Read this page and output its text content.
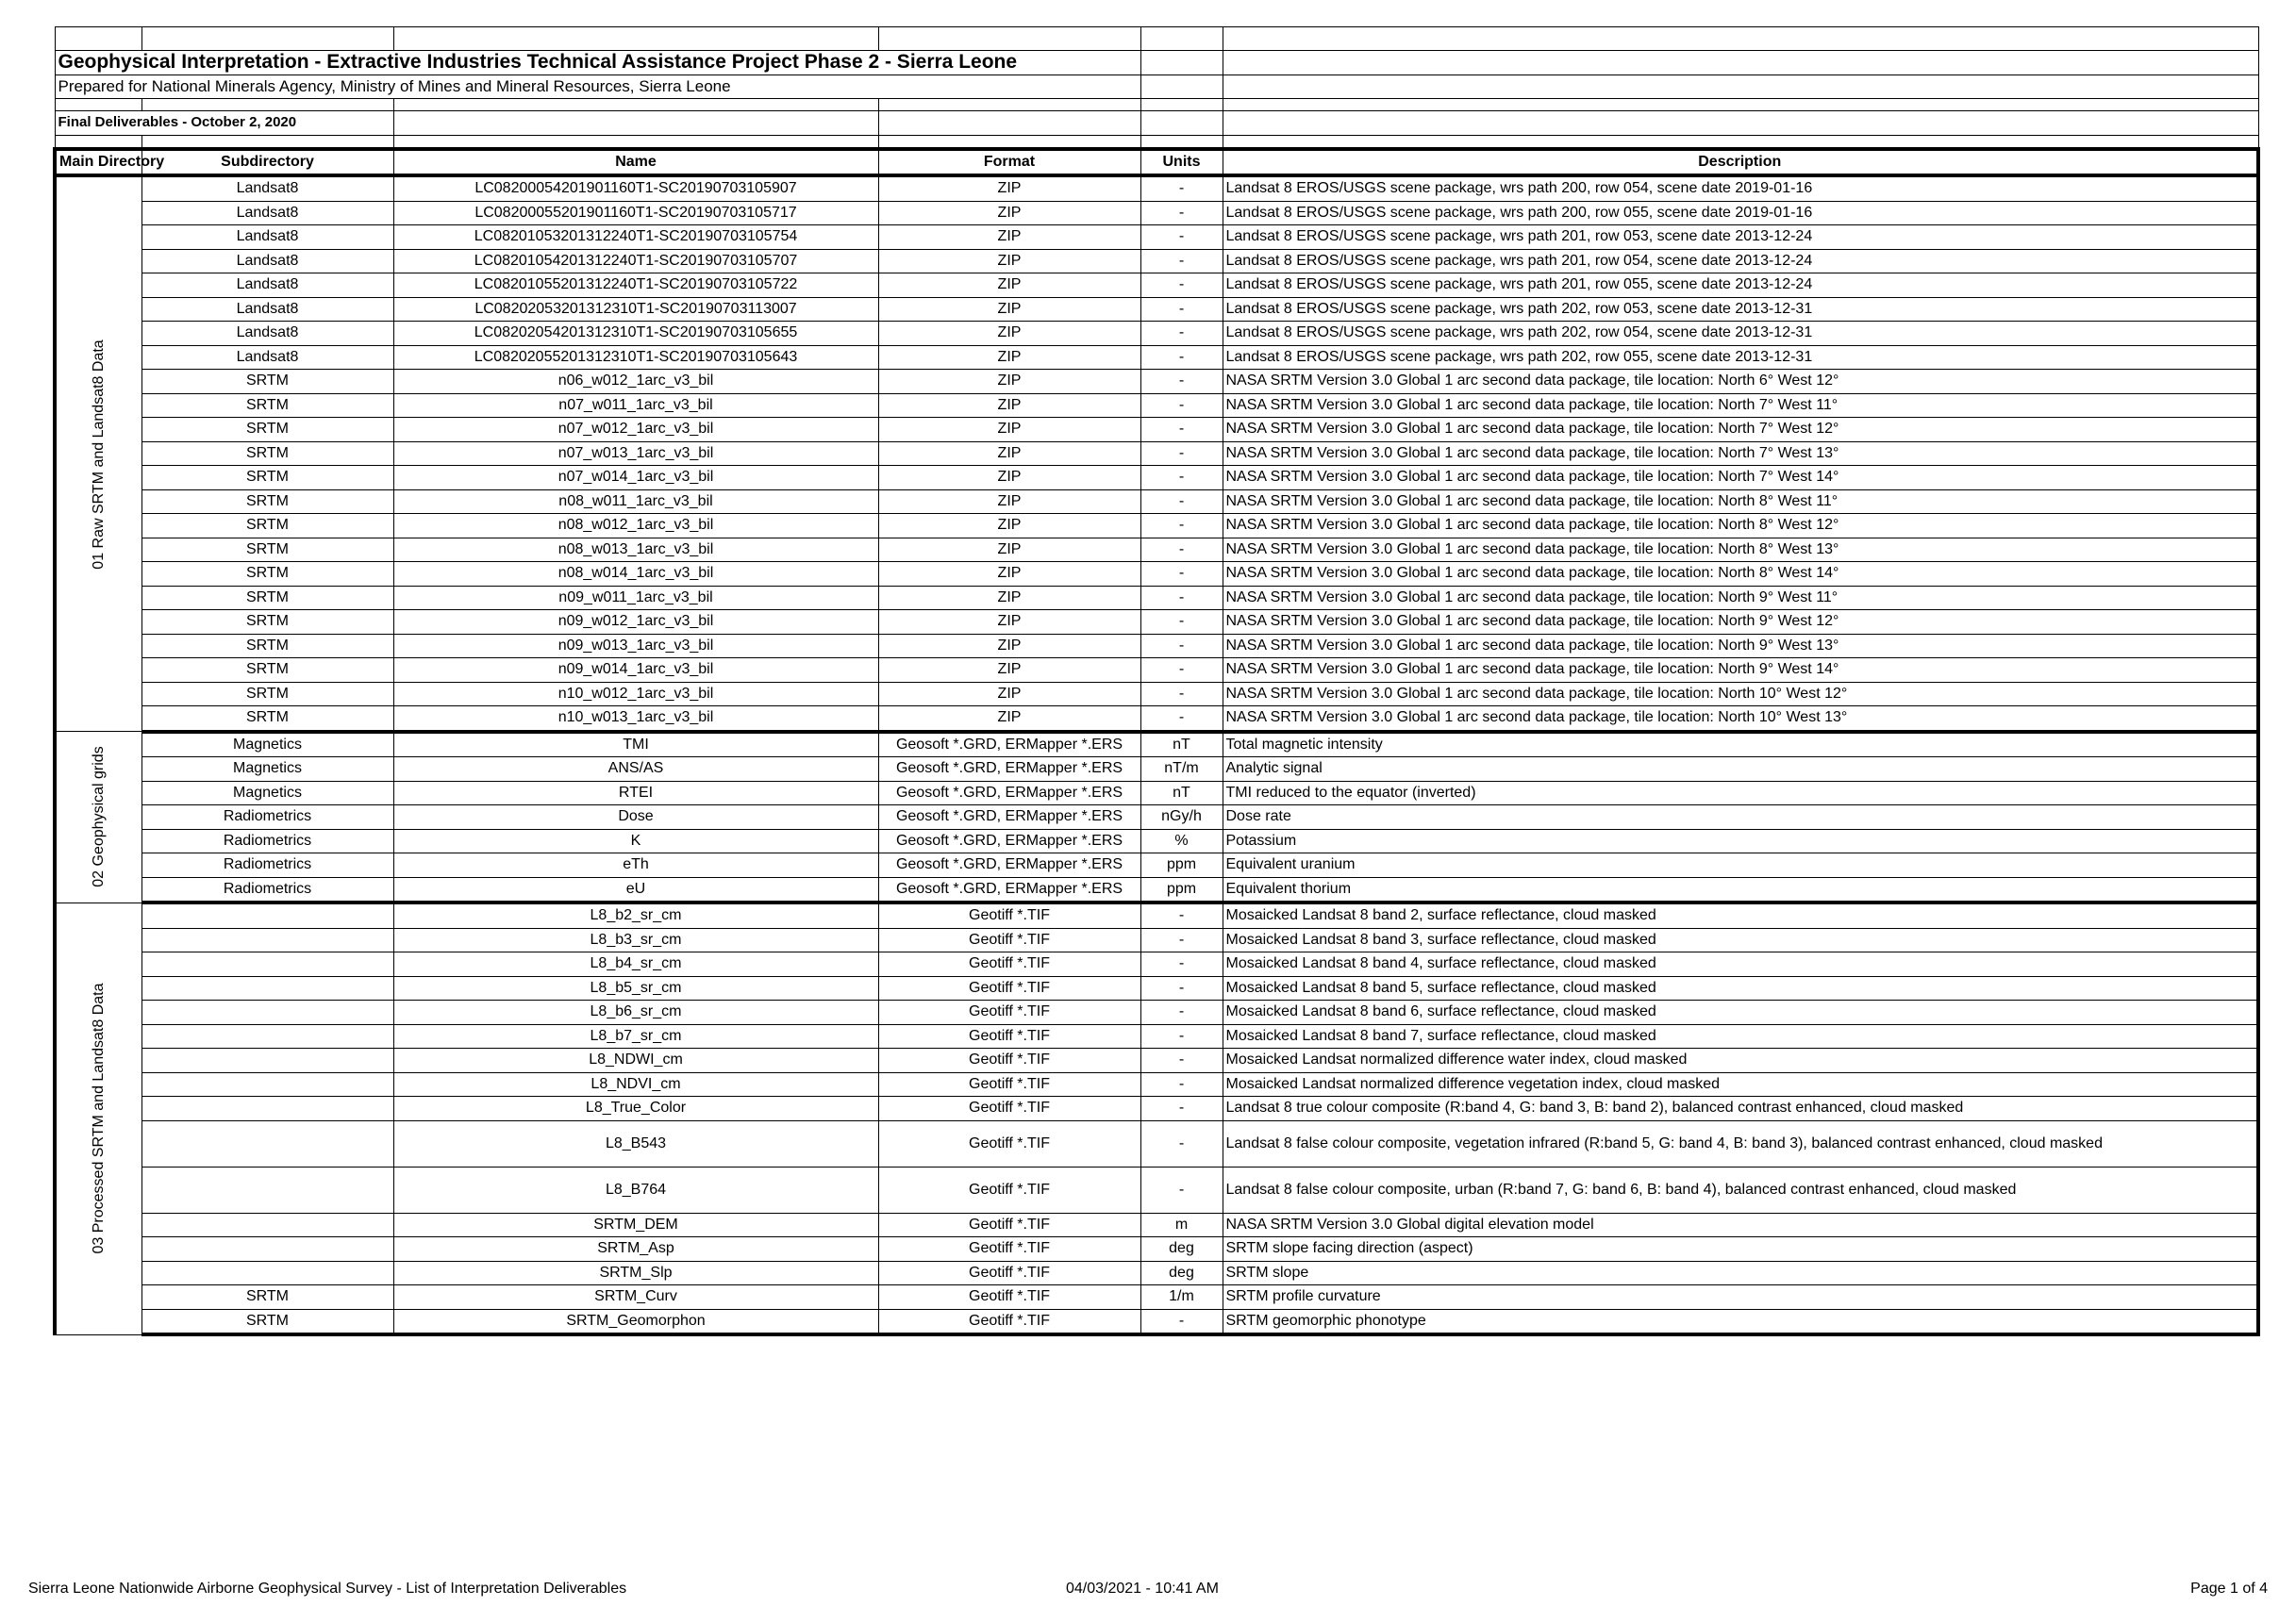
Geophysical Interpretation - Extractive Industries Technical Assistance Project Phase 2 - Sierra Leone					
Prepared for National Minerals Agency, Ministry of Mines and Mineral Resources, Sierra Leone					

Final Deliverables - October 2, 2020					

Main Directory	Subdirectory	Name	Format	Units	Description

01 Raw SRTM and Landsat8 Data	Landsat8	LC08200054201901160T1-SC20190703105907	ZIP	-	Landsat 8 EROS/USGS scene package, wrs path 200, row 054, scene date 2019-01-16
	Landsat8	LC08200055201901160T1-SC20190703105717	ZIP	-	Landsat 8 EROS/USGS scene package, wrs path 200, row 055, scene date 2019-01-16
	Landsat8	LC08201053201312240T1-SC20190703105754	ZIP	-	Landsat 8 EROS/USGS scene package, wrs path 201, row 053, scene date 2013-12-24
	Landsat8	LC08201054201312240T1-SC20190703105707	ZIP	-	Landsat 8 EROS/USGS scene package, wrs path 201, row 054, scene date 2013-12-24
	Landsat8	LC08201055201312240T1-SC20190703105722	ZIP	-	Landsat 8 EROS/USGS scene package, wrs path 201, row 055, scene date 2013-12-24
	Landsat8	LC08202053201312310T1-SC20190703113007	ZIP	-	Landsat 8 EROS/USGS scene package, wrs path 202, row 053, scene date 2013-12-31
	Landsat8	LC08202054201312310T1-SC20190703105655	ZIP	-	Landsat 8 EROS/USGS scene package, wrs path 202, row 054, scene date 2013-12-31
	Landsat8	LC08202055201312310T1-SC20190703105643	ZIP	-	Landsat 8 EROS/USGS scene package, wrs path 202, row 055, scene date 2013-12-31
	SRTM	n06_w012_1arc_v3_bil	ZIP	-	NASA SRTM Version 3.0 Global 1 arc second data package, tile location: North 6° West 12°
	SRTM	n07_w011_1arc_v3_bil	ZIP	-	NASA SRTM Version 3.0 Global 1 arc second data package, tile location: North 7° West 11°
	SRTM	n07_w012_1arc_v3_bil	ZIP	-	NASA SRTM Version 3.0 Global 1 arc second data package, tile location: North 7° West 12°
	SRTM	n07_w013_1arc_v3_bil	ZIP	-	NASA SRTM Version 3.0 Global 1 arc second data package, tile location: North 7° West 13°
	SRTM	n07_w014_1arc_v3_bil	ZIP	-	NASA SRTM Version 3.0 Global 1 arc second data package, tile location: North 7° West 14°
	SRTM	n08_w011_1arc_v3_bil	ZIP	-	NASA SRTM Version 3.0 Global 1 arc second data package, tile location: North 8° West 11°
	SRTM	n08_w012_1arc_v3_bil	ZIP	-	NASA SRTM Version 3.0 Global 1 arc second data package, tile location: North 8° West 12°
	SRTM	n08_w013_1arc_v3_bil	ZIP	-	NASA SRTM Version 3.0 Global 1 arc second data package, tile location: North 8° West 13°
	SRTM	n08_w014_1arc_v3_bil	ZIP	-	NASA SRTM Version 3.0 Global 1 arc second data package, tile location: North 8° West 14°
	SRTM	n09_w011_1arc_v3_bil	ZIP	-	NASA SRTM Version 3.0 Global 1 arc second data package, tile location: North 9° West 11°
	SRTM	n09_w012_1arc_v3_bil	ZIP	-	NASA SRTM Version 3.0 Global 1 arc second data package, tile location: North 9° West 12°
	SRTM	n09_w013_1arc_v3_bil	ZIP	-	NASA SRTM Version 3.0 Global 1 arc second data package, tile location: North 9° West 13°
	SRTM	n09_w014_1arc_v3_bil	ZIP	-	NASA SRTM Version 3.0 Global 1 arc second data package, tile location: North 9° West 14°
	SRTM	n10_w012_1arc_v3_bil	ZIP	-	NASA SRTM Version 3.0 Global 1 arc second data package, tile location: North 10° West 12°
	SRTM	n10_w013_1arc_v3_bil	ZIP	-	NASA SRTM Version 3.0 Global 1 arc second data package, tile location: North 10° West 13°

02 Geophysical grids	Magnetics	TMI	Geosoft *.GRD, ERMapper *.ERS	nT	Total magnetic intensity
	Magnetics	ANS/AS	Geosoft *.GRD, ERMapper *.ERS	nT/m	Analytic signal
	Magnetics	RTEI	Geosoft *.GRD, ERMapper *.ERS	nT	TMI reduced to the equator (inverted)
	Radiometrics	Dose	Geosoft *.GRD, ERMapper *.ERS	nGy/h	Dose rate
	Radiometrics	K	Geosoft *.GRD, ERMapper *.ERS	%	Potassium
	Radiometrics	eTh	Geosoft *.GRD, ERMapper *.ERS	ppm	Equivalent uranium
	Radiometrics	eU	Geosoft *.GRD, ERMapper *.ERS	ppm	Equivalent thorium

03 Processed SRTM and Landsat8 Data		L8_b2_sr_cm	Geotiff *.TIF	-	Mosaicked Landsat 8 band 2, surface reflectance, cloud masked
		L8_b3_sr_cm	Geotiff *.TIF	-	Mosaicked Landsat 8 band 3, surface reflectance, cloud masked
		L8_b4_sr_cm	Geotiff *.TIF	-	Mosaicked Landsat 8 band 4, surface reflectance, cloud masked
		L8_b5_sr_cm	Geotiff *.TIF	-	Mosaicked Landsat 8 band 5, surface reflectance, cloud masked
		L8_b6_sr_cm	Geotiff *.TIF	-	Mosaicked Landsat 8 band 6, surface reflectance, cloud masked
		L8_b7_sr_cm	Geotiff *.TIF	-	Mosaicked Landsat 8 band 7, surface reflectance, cloud masked
		L8_NDWI_cm	Geotiff *.TIF	-	Mosaicked Landsat normalized difference water index, cloud masked
		L8_NDVI_cm	Geotiff *.TIF	-	Mosaicked Landsat normalized difference vegetation index, cloud masked
		L8_True_Color	Geotiff *.TIF	-	Landsat 8 true colour composite (R:band 4, G: band 3, B: band 2), balanced contrast enhanced, cloud masked
		L8_B543	Geotiff *.TIF	-	Landsat 8 false colour composite, vegetation infrared (R:band 5, G: band 4, B: band 3), balanced contrast enhanced, cloud masked
		L8_B764	Geotiff *.TIF	-	Landsat 8 false colour composite, urban (R:band 7, G: band 6, B: band 4), balanced contrast enhanced, cloud masked
		SRTM_DEM	Geotiff *.TIF	m	NASA SRTM Version 3.0 Global digital elevation model
		SRTM_Asp	Geotiff *.TIF	deg	SRTM slope facing direction (aspect)
		SRTM_Slp	Geotiff *.TIF	deg	SRTM slope
	SRTM	SRTM_Curv	Geotiff *.TIF	1/m	SRTM profile curvature
	SRTM	SRTM_Geomorphon	Geotiff *.TIF	-	SRTM geomorphic phonotype
Sierra Leone Nationwide Airborne Geophysical Survey - List of Interpretation Deliverables	04/03/2021 - 10:41 AM	Page 1 of 4
